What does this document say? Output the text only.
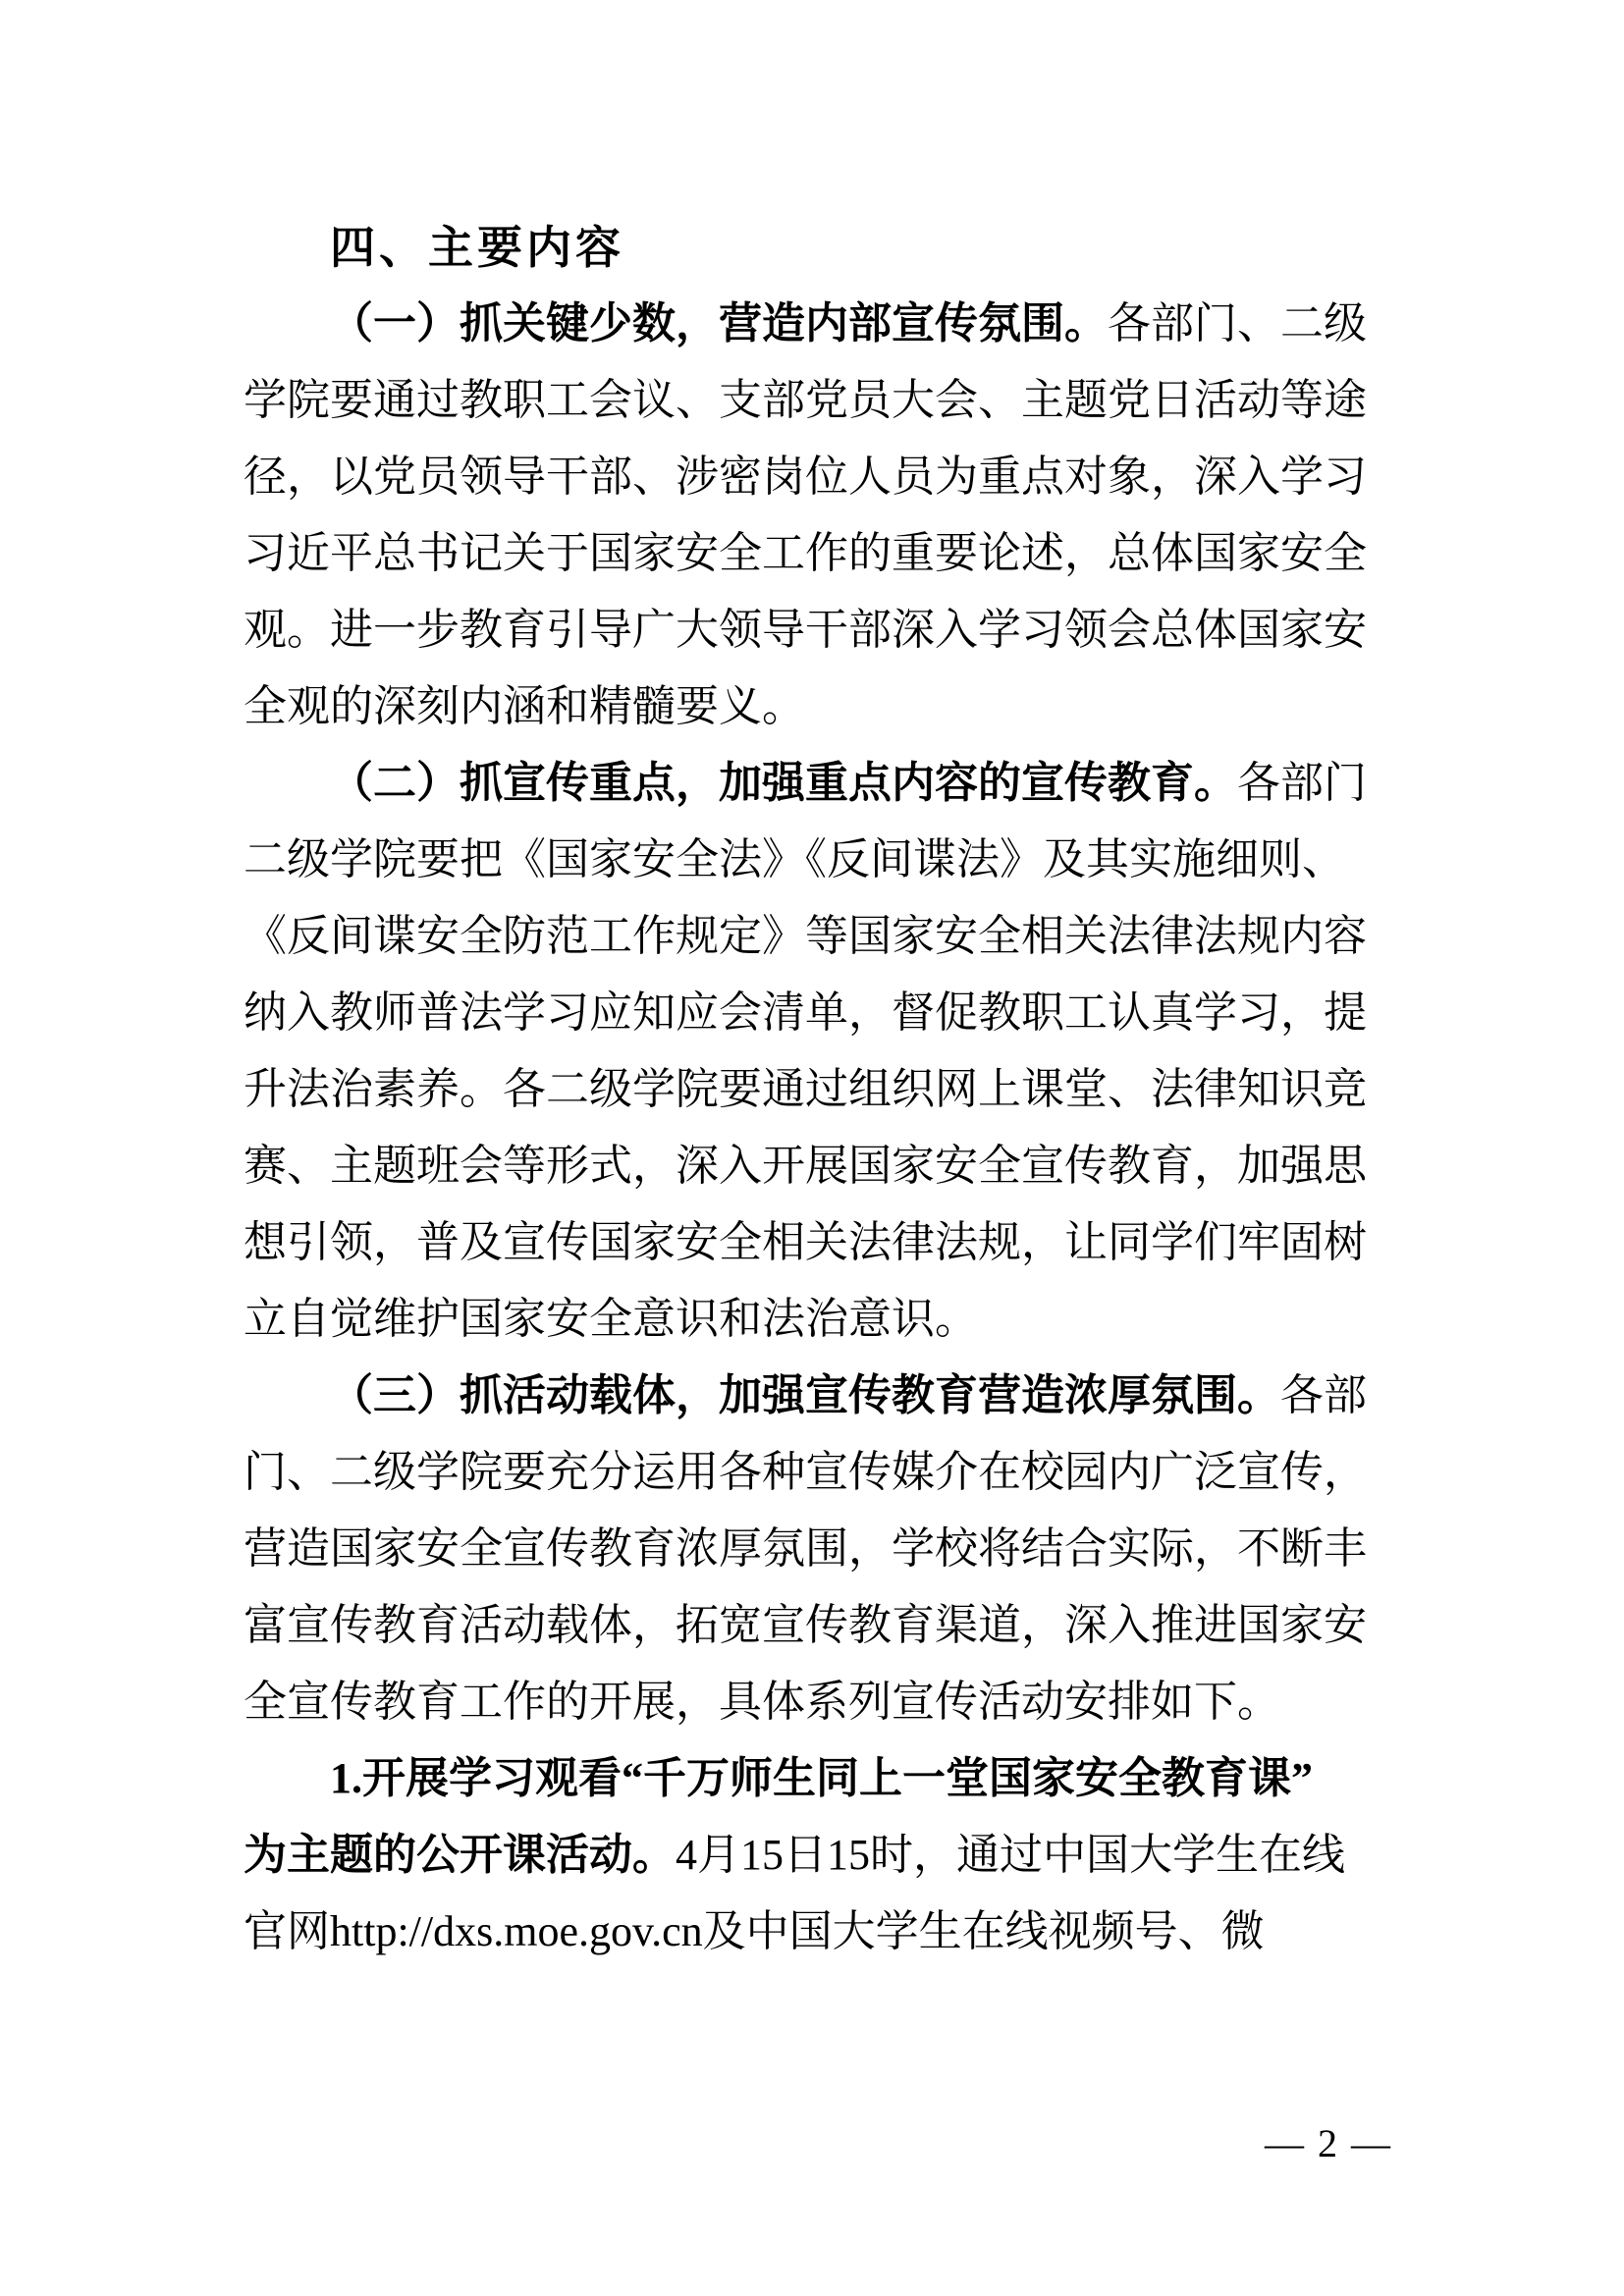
四、主要内容
（一）抓关键少数，营造内部宣传氛围。各部门、二级
学院要通过教职工会议、支部党员大会、主题党日活动等途
径，以党员领导干部、涉密岗位人员为重点对象，深入学习
习近平总书记关于国家安全工作的重要论述，总体国家安全
观。进一步教育引导广大领导干部深入学习领会总体国家安
全观的深刻内涵和精髓要义。
（二）抓宣传重点，加强重点内容的宣传教育。各部门
二级学院要把《国家安全法》《反间谍法》及其实施细则、
《反间谍安全防范工作规定》等国家安全相关法律法规内容
纳入教师普法学习应知应会清单，督促教职工认真学习，提
升法治素养。各二级学院要通过组织网上课堂、法律知识竞
赛、主题班会等形式，深入开展国家安全宣传教育，加强思
想引领，普及宣传国家安全相关法律法规，让同学们牢固树
立自觉维护国家安全意识和法治意识。
（三）抓活动载体，加强宣传教育营造浓厚氛围。各部
门、二级学院要充分运用各种宣传媒介在校园内广泛宣传，
营造国家安全宣传教育浓厚氛围，学校将结合实际，不断丰
富宣传教育活动载体，拓宽宣传教育渠道，深入推进国家安
全宣传教育工作的开展，具体系列宣传活动安排如下。
1.开展学习观看“千万师生同上一堂国家安全教育课”
为主题的公开课活动。4月15日15时，通过中国大学生在线
官网http://dxs.moe.gov.cn及中国大学生在线视频号、微
— 2 —
